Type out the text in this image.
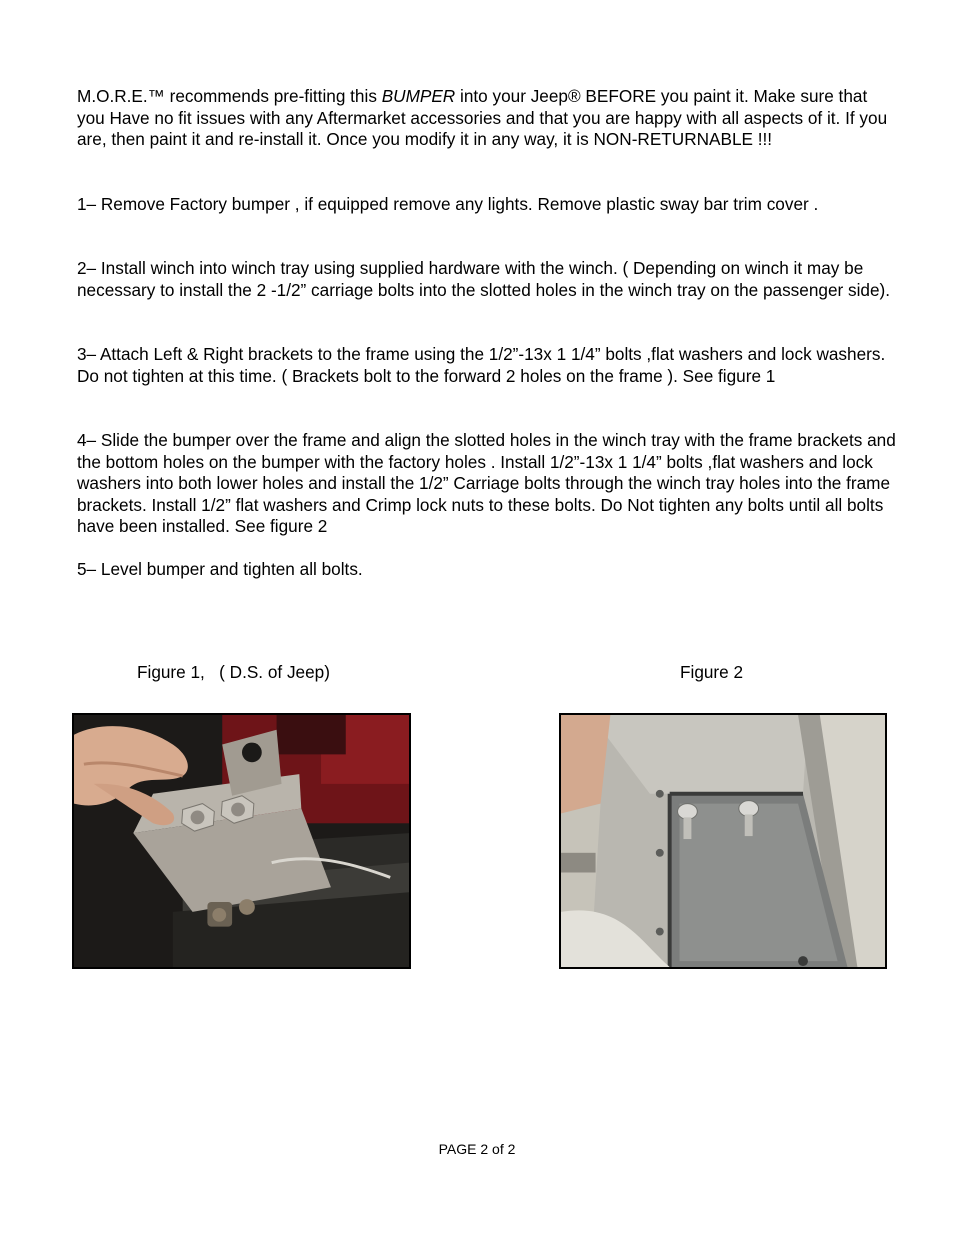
M.O.R.E.™ recommends pre-fitting this BUMPER into your Jeep® BEFORE you paint it. Make sure that you Have no fit issues with any Aftermarket accessories and that you are happy with all aspects of it. If you are, then paint it and re-install it. Once you modify it in any way, it is NON-RETURNABLE !!!

1– Remove Factory bumper , if equipped remove any lights. Remove plastic sway bar trim cover .

2– Install winch into winch tray using supplied hardware with the winch. ( Depending on winch it may be necessary to install the 2 -1/2” carriage bolts into the slotted holes in the winch tray on the passenger side).

3– Attach Left & Right brackets to the frame using the 1/2”-13x 1 1/4” bolts ,flat washers and lock washers. Do not tighten at this time. ( Brackets bolt to the forward 2 holes on the frame ). See figure 1

4– Slide the bumper over the frame and align the slotted holes in the winch tray with the frame brackets and the bottom holes on the bumper with the factory holes . Install 1/2”-13x 1 1/4” bolts ,flat washers and lock washers into both lower holes and install the 1/2” Carriage bolts through the winch tray holes into the frame brackets. Install 1/2” flat washers and Crimp lock nuts to these bolts. Do Not tighten any bolts until all bolts have been installed. See figure 2

5– Level bumper and tighten all bolts.

Figure 1,   ( D.S. of Jeep)	Figure 2

PAGE 2 of 2
